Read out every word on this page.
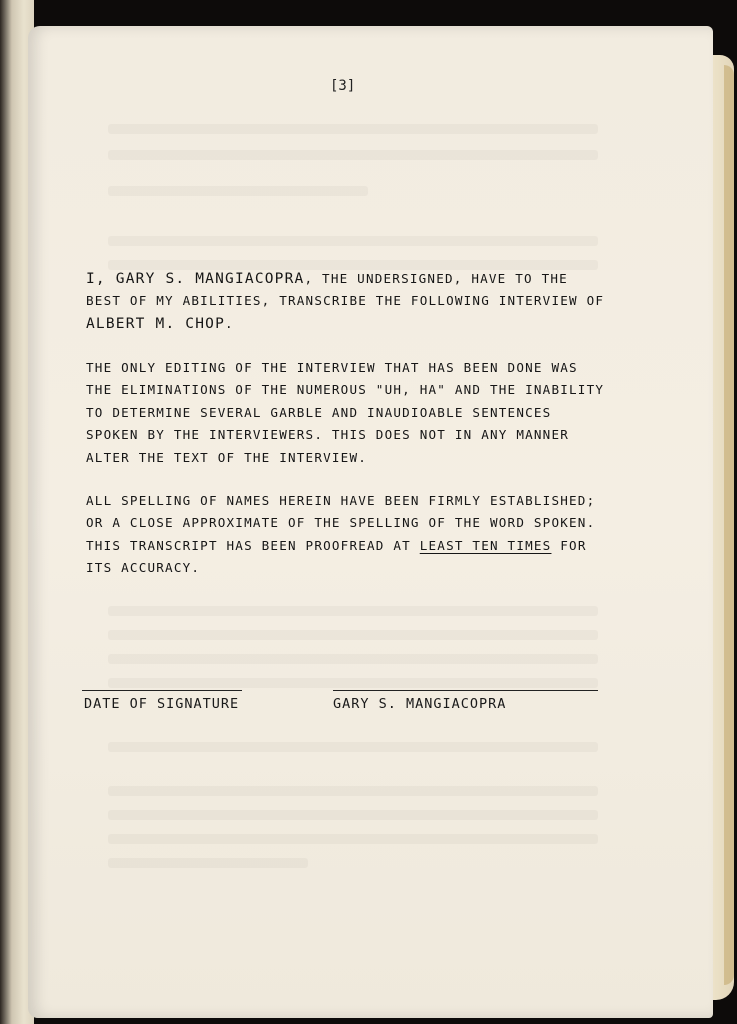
[3]
I, GARY S. MANGIACOPRA, THE UNDERSIGNED, HAVE TO THE BEST OF MY ABILITIES, TRANSCRIBE THE FOLLOWING INTERVIEW OF ALBERT M. CHOP.
THE ONLY EDITING OF THE INTERVIEW THAT HAS BEEN DONE WAS THE ELIMINATIONS OF THE NUMEROUS "UH, HA" AND THE INABILITY TO DETERMINE SEVERAL GARBLE AND INAUDIOABLE SENTENCES SPOKEN BY THE INTERVIEWERS. THIS DOES NOT IN ANY MANNER ALTER THE TEXT OF THE INTERVIEW.
ALL SPELLING OF NAMES HEREIN HAVE BEEN FIRMLY ESTABLISHED; OR A CLOSE APPROXIMATE OF THE SPELLING OF THE WORD SPOKEN. THIS TRANSCRIPT HAS BEEN PROOFREAD AT LEAST TEN TIMES FOR ITS ACCURACY.
DATE OF SIGNATURE	GARY S. MANGIACOPRA
